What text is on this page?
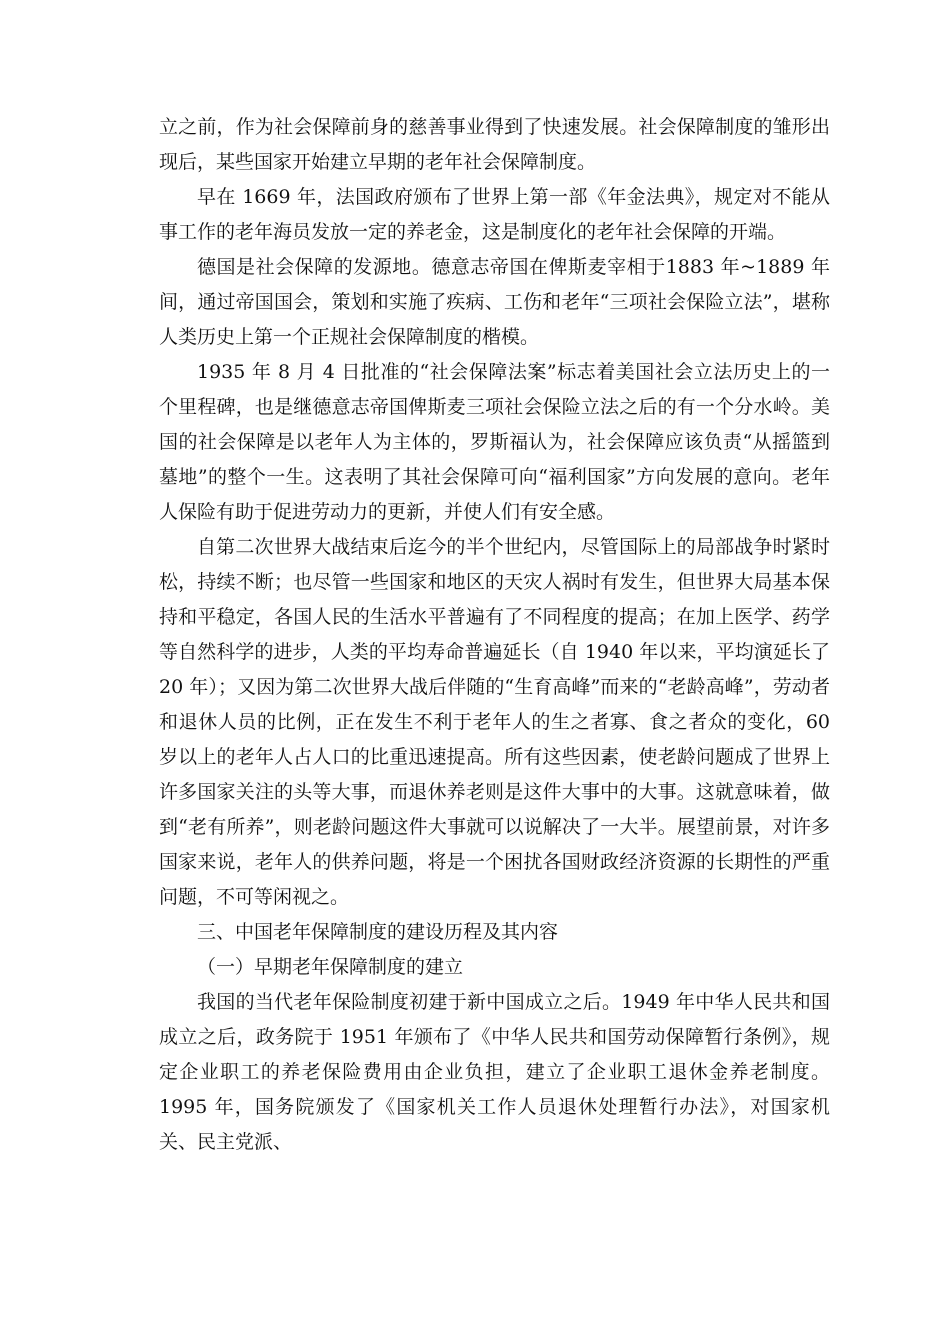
立之前，作为社会保障前身的慈善事业得到了快速发展。社会保障制度的雏形出现后，某些国家开始建立早期的老年社会保障制度。

早在 1669 年，法国政府颁布了世界上第一部《年金法典》，规定对不能从事工作的老年海员发放一定的养老金，这是制度化的老年社会保障的开端。

德国是社会保障的发源地。德意志帝国在俾斯麦宰相于1883 年~1889 年间，通过帝国国会，策划和实施了疾病、工伤和老年“三项社会保险立法”，堪称人类历史上第一个正规社会保障制度的楷模。

1935 年 8 月 4 日批准的“社会保障法案”标志着美国社会立法历史上的一个里程碑，也是继德意志帝国俾斯麦三项社会保险立法之后的有一个分水岭。美国的社会保障是以老年人为主体的，罗斯福认为，社会保障应该负责“从摇篮到墓地”的整个一生。这表明了其社会保障可向“福利国家”方向发展的意向。老年人保险有助于促进劳动力的更新，并使人们有安全感。

自第二次世界大战结束后迄今的半个世纪内，尽管国际上的局部战争时紧时松，持续不断；也尽管一些国家和地区的天灾人祸时有发生，但世界大局基本保持和平稳定，各国人民的生活水平普遍有了不同程度的提高；在加上医学、药学等自然科学的进步，人类的平均寿命普遍延长（自 1940 年以来，平均演延长了 20 年）；又因为第二次世界大战后伴随的“生育高峰”而来的“老龄高峰”，劳动者和退休人员的比例，正在发生不利于老年人的生之者寡、食之者众的变化，60 岁以上的老年人占人口的比重迅速提高。所有这些因素，使老龄问题成了世界上许多国家关注的头等大事，而退休养老则是这件大事中的大事。这就意味着，做到“老有所养”，则老龄问题这件大事就可以说解决了一大半。展望前景，对许多国家来说，老年人的供养问题，将是一个困扰各国财政经济资源的长期性的严重问题，不可等闲视之。

三、中国老年保障制度的建设历程及其内容

（一）早期老年保障制度的建立

我国的当代老年保险制度初建于新中国成立之后。1949 年中华人民共和国成立之后，政务院于 1951 年颁布了《中华人民共和国劳动保障暂行条例》，规定企业职工的养老保险费用由企业负担，建立了企业职工退休金养老制度。1995 年，国务院颁发了《国家机关工作人员退休处理暂行办法》，对国家机关、民主党派、
